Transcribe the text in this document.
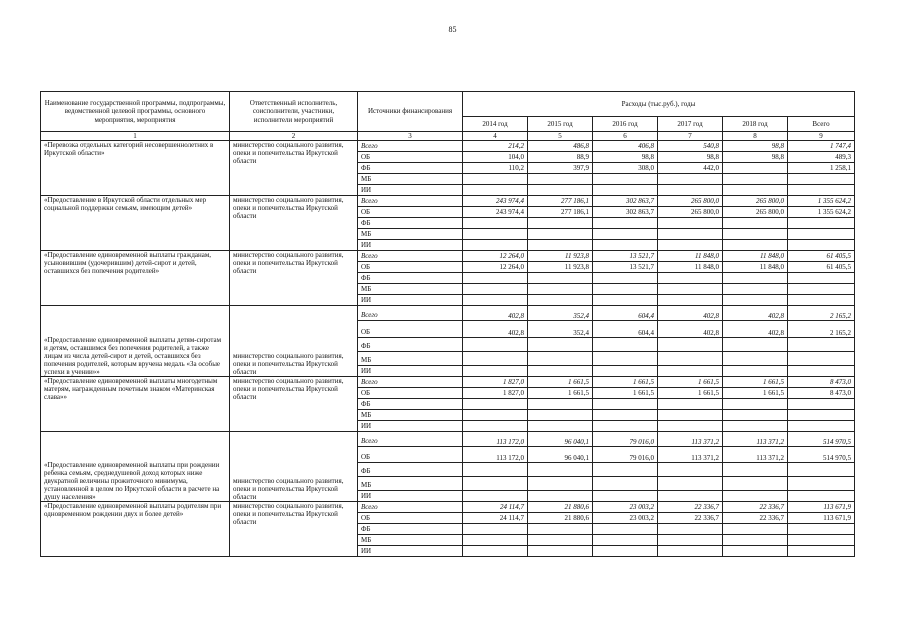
85
Наименование государственной программы, подпрограммы, ведомственной целевой программы, основного мероприятия, мероприятия	Ответственный исполнитель, соисполнители, участники, исполнители мероприятий	Источники финансирования	Расходы (тыс.руб.), годы					
			2014 год	2015 год	2016 год	2017 год	2018 год	Всего
1	2	3	4	5	6	7	8	9
«Перевозка отдельных категорий несовершеннолетних в Иркутской области»	министерство социального развития, опеки и попечительства Иркутской области	Всего	214,2	486,8	406,8	540,8	98,8	1 747,4
		ОБ	104,0	88,9	98,8	98,8	98,8	489,3
		ФБ	110,2	397,9	308,0	442,0		1 258,1
		МБ						
		ИИ						
«Предоставление в Иркутской области отдельных мер социальной поддержки семьям, имеющим детей»	министерство социального развития, опеки и попечительства Иркутской области	Всего	243 974,4	277 186,1	302 863,7	265 800,0	265 800,0	1 355 624,2
		ОБ	243 974,4	277 186,1	302 863,7	265 800,0	265 800,0	1 355 624,2
		ФБ						
		МБ						
		ИИ						
«Предоставление единовременной выплаты гражданам, усыновившим (удочерившим) детей-сирот и детей, оставшихся без попечения родителей»	министерство социального развития, опеки и попечительства Иркутской области	Всего	12 264,0	11 923,8	13 521,7	11 848,0	11 848,0	61 405,5
		ОБ	12 264,0	11 923,8	13 521,7	11 848,0	11 848,0	61 405,5
		ФБ						
		МБ						
		ИИ						
«Предоставление единовременной выплаты детям-сиротам и детям, оставшимся без попечения родителей, а также лицам из числа детей-сирот и детей, оставшихся без попечения родителей, которым вручена медаль «За особые успехи в учении»»	министерство социального развития, опеки и попечительства Иркутской области	Всего	402,8	352,4	604,4	402,8	402,8	2 165,2
		ОБ	402,8	352,4	604,4	402,8	402,8	2 165,2
		ФБ						
		МБ						
		ИИ						
«Предоставление единовременной выплаты многодетным матерям, награжденным почетным знаком «Материнская слава»»	министерство социального развития, опеки и попечительства Иркутской области	Всего	1 827,0	1 661,5	1 661,5	1 661,5	1 661,5	8 473,0
		ОБ	1 827,0	1 661,5	1 661,5	1 661,5	1 661,5	8 473,0
		ФБ						
		МБ						
		ИИ						
«Предоставление единовременной выплаты при рождении ребенка семьям, среднедушевой доход которых ниже двукратной величины прожиточного минимума, установленной в целом по Иркутской области в расчете на душу населения»	министерство социального развития, опеки и попечительства Иркутской области	Всего	113 172,0	96 040,1	79 016,0	113 371,2	113 371,2	514 970,5
		ОБ	113 172,0	96 040,1	79 016,0	113 371,2	113 371,2	514 970,5
		ФБ						
		МБ						
		ИИ						
«Предоставление единовременной выплаты родителям при одновременном рождении двух и более детей»	министерство социального развития, опеки и попечительства Иркутской области	Всего	24 114,7	21 880,6	23 003,2	22 336,7	22 336,7	113 671,9
		ОБ	24 114,7	21 880,6	23 003,2	22 336,7	22 336,7	113 671,9
		ФБ						
		МБ						
		ИИ						
